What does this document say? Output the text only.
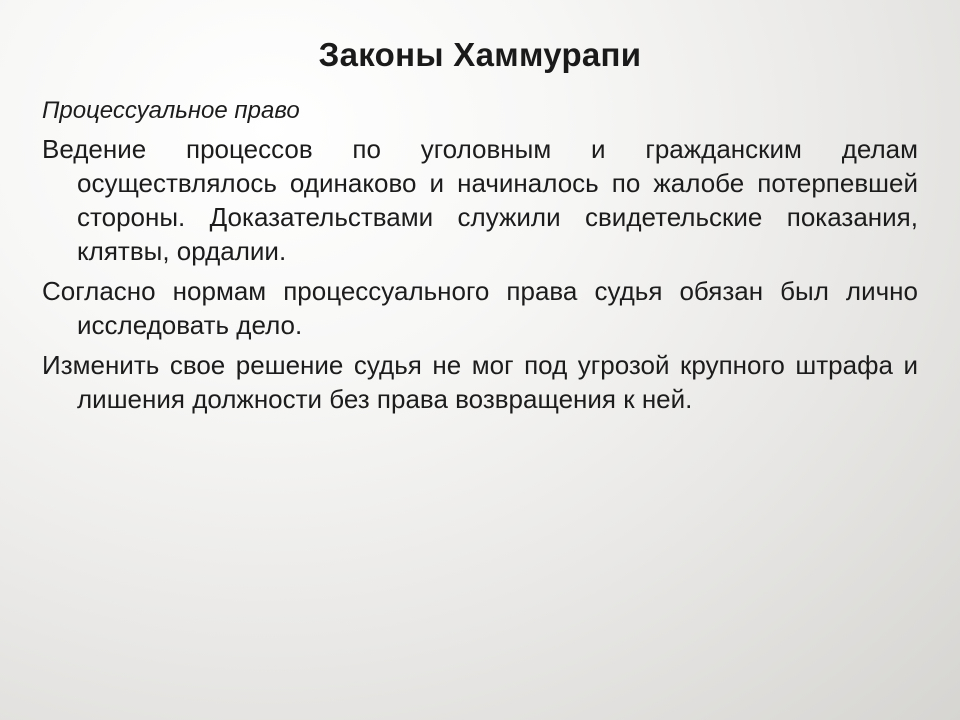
Законы Хаммурапи

Процессуальное право

Ведение процессов по уголовным и гражданским делам осуществлялось одинаково и начиналось по жалобе потерпевшей стороны. Доказательствами служили свидетельские показания, клятвы, ордалии.

Согласно нормам процессуального права судья обязан был лично исследовать дело.

Изменить свое решение судья не мог под угрозой крупного штрафа и лишения должности без права возвращения к ней.
